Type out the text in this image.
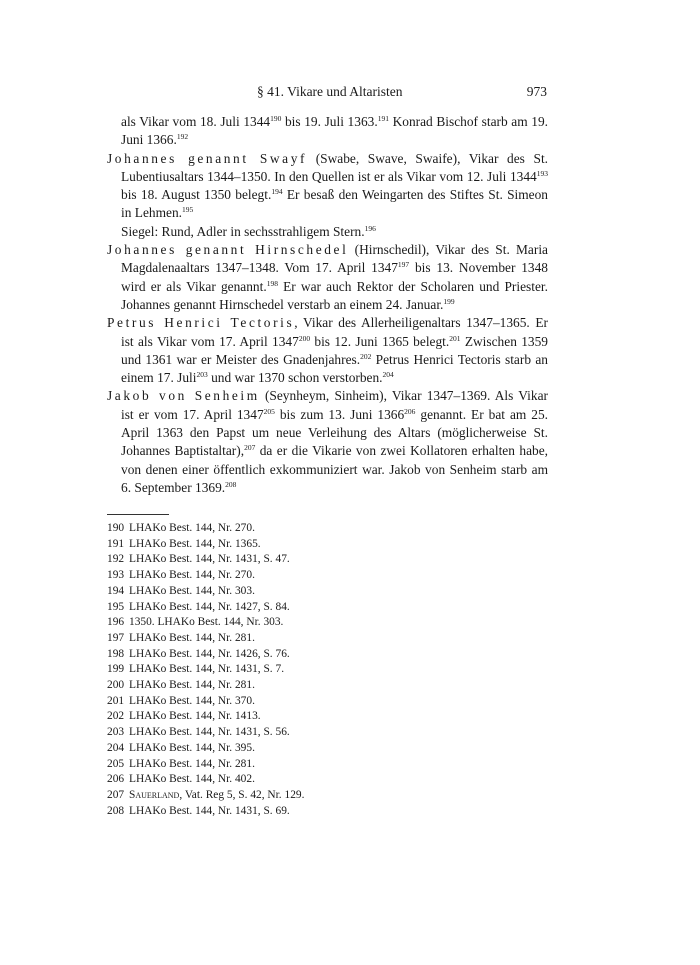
§ 41. Vikare und Altaristen	973

als Vikar vom 18. Juli 1344$^{190}$ bis 19. Juli 1363.$^{191}$ Konrad Bischof starb am 19. Juni 1366.$^{192}$

Johannes genannt Swayf (Swabe, Swave, Swaife), Vikar des St. Lubentiusaltars 1344–1350. In den Quellen ist er als Vikar vom 12. Juli 1344$^{193}$ bis 18. August 1350 belegt.$^{194}$ Er besaß den Weingarten des Stiftes St. Simeon in Lehmen.$^{195}$

Siegel: Rund, Adler in sechsstrahligem Stern.$^{196}$

Johannes genannt Hirnschedel (Hirnschedil), Vikar des St. Maria Magdalenaaltars 1347–1348. Vom 17. April 1347$^{197}$ bis 13. November 1348 wird er als Vikar genannt.$^{198}$ Er war auch Rektor der Scholaren und Priester. Johannes genannt Hirnschedel verstarb an einem 24. Januar.$^{199}$

Petrus Henrici Tectoris, Vikar des Allerheiligenaltars 1347–1365. Er ist als Vikar vom 17. April 1347$^{200}$ bis 12. Juni 1365 belegt.$^{201}$ Zwischen 1359 und 1361 war er Meister des Gnadenjahres.$^{202}$ Petrus Henrici Tectoris starb an einem 17. Juli$^{203}$ und war 1370 schon verstorben.$^{204}$

Jakob von Senheim (Seynheym, Sinheim), Vikar 1347–1369. Als Vikar ist er vom 17. April 1347$^{205}$ bis zum 13. Juni 1366$^{206}$ genannt. Er bat am 25. April 1363 den Papst um neue Verleihung des Altars (möglicherweise St. Johannes Baptistaltar),$^{207}$ da er die Vikarie von zwei Kollatoren erhalten habe, von denen einer öffentlich exkommuniziert war. Jakob von Senheim starb am 6. September 1369.$^{208}$

190 LHAKo Best. 144, Nr. 270.
191 LHAKo Best. 144, Nr. 1365.
192 LHAKo Best. 144, Nr. 1431, S. 47.
193 LHAKo Best. 144, Nr. 270.
194 LHAKo Best. 144, Nr. 303.
195 LHAKo Best. 144, Nr. 1427, S. 84.
196 1350. LHAKo Best. 144, Nr. 303.
197 LHAKo Best. 144, Nr. 281.
198 LHAKo Best. 144, Nr. 1426, S. 76.
199 LHAKo Best. 144, Nr. 1431, S. 7.
200 LHAKo Best. 144, Nr. 281.
201 LHAKo Best. 144, Nr. 370.
202 LHAKo Best. 144, Nr. 1413.
203 LHAKo Best. 144, Nr. 1431, S. 56.
204 LHAKo Best. 144, Nr. 395.
205 LHAKo Best. 144, Nr. 281.
206 LHAKo Best. 144, Nr. 402.
207 Sauerland, Vat. Reg 5, S. 42, Nr. 129.
208 LHAKo Best. 144, Nr. 1431, S. 69.
